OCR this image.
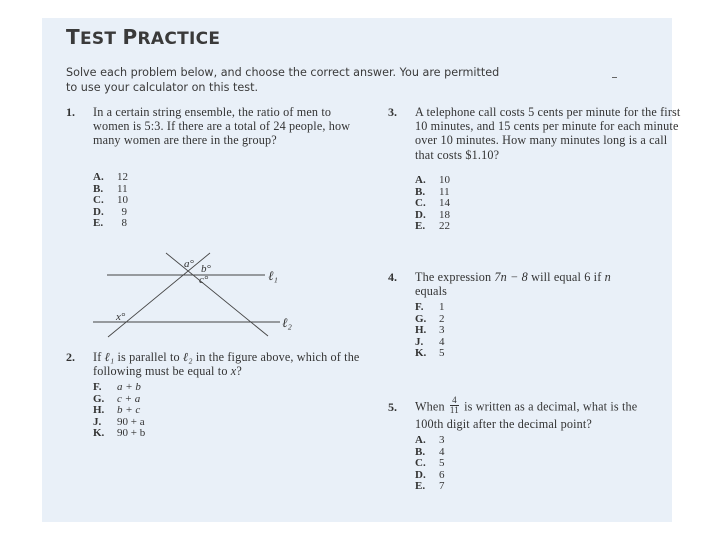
TEST PRACTICE
Solve each problem below, and choose the correct answer. You are permitted to use your calculator on this test.
1. In a certain string ensemble, the ratio of men to women is 5:3. If there are a total of 24 people, how many women are there in the group?
A. 12
B. 11
C. 10
D. 9
E. 8
a° b°
c°
x°
ℓ₁
ℓ₂
2. If ℓ₁ is parallel to ℓ₂ in the figure above, which of the following must be equal to x?
F. a + b
G. c + a
H. b + c
J. 90 + a
K. 90 + b
3. A telephone call costs 5 cents per minute for the first 10 minutes, and 15 cents per minute for each minute over 10 minutes. How many minutes long is a call that costs $1.10?
A. 10
B. 11
C. 14
D. 18
E. 22
4. The expression 7n − 8 will equal 6 if n equals
F. 1
G. 2
H. 3
J. 4
K. 5
5. When $\frac{4}{11}$ is written as a decimal, what is the 100th digit after the decimal point?
A. 3
B. 4
C. 5
D. 6
E. 7
